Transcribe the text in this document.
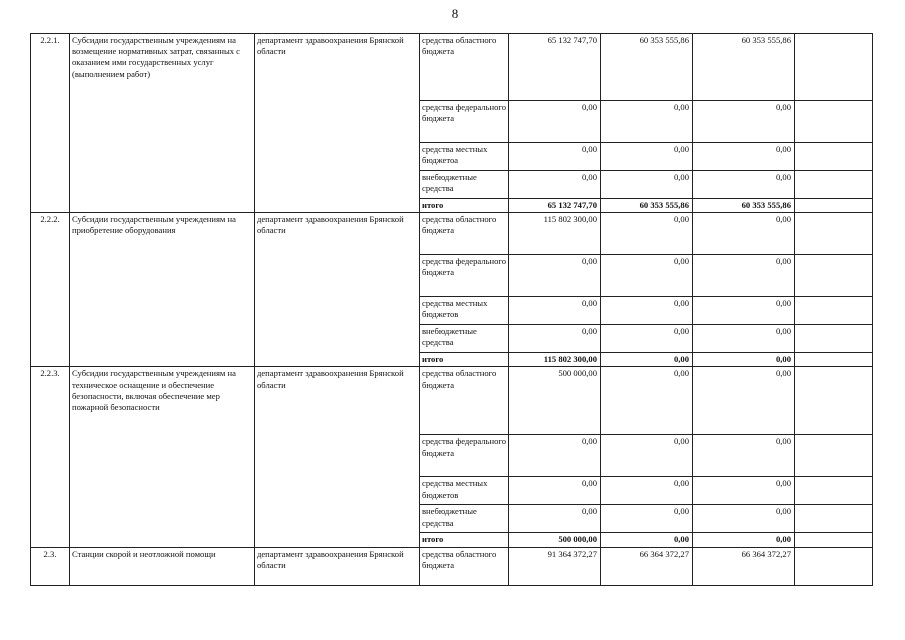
8
2.2.1.	Субсидии государственным учреждениям на возмещение нормативных затрат, связанных с оказанием ими государственных услуг (выполнением работ)	департамент здравоохранения Брянской области	средства областного бюджета	65 132 747,70	60 353 555,86	60 353 555,86	
			средства федерального бюджета	0,00	0,00	0,00	
			средства местных бюджетоа	0,00	0,00	0,00	
			внебюджетные средства	0,00	0,00	0,00	
			итого	65 132 747,70	60 353 555,86	60 353 555,86	
2.2.2.	Субсидии государственным учреждениям на приобретение оборудования	департамент здравоохранения Брянской области	средства областного бюджета	115 802 300,00	0,00	0,00	
			средства федерального бюджета	0,00	0,00	0,00	
			средства местных бюджетов	0,00	0,00	0,00	
			внебюджетные средства	0,00	0,00	0,00	
			итого	115 802 300,00	0,00	0,00	
2.2.3.	Субсидии государственным учреждениям на техническое оснащение и обеспечение безопасности, включая обеспечение мер пожарной безопасности	департамент здравоохранения Брянской области	средства областного бюджета	500 000,00	0,00	0,00	
			средства федерального бюджета	0,00	0,00	0,00	
			средства местных бюджетов	0,00	0,00	0,00	
			внебюджетные средства	0,00	0,00	0,00	
			итого	500 000,00	0,00	0,00	
2.3.	Станции скорой и неотложной помощи	департамент здравоохранения Брянской области	средства областного бюджета	91 364 372,27	66 364 372,27	66 364 372,27	
